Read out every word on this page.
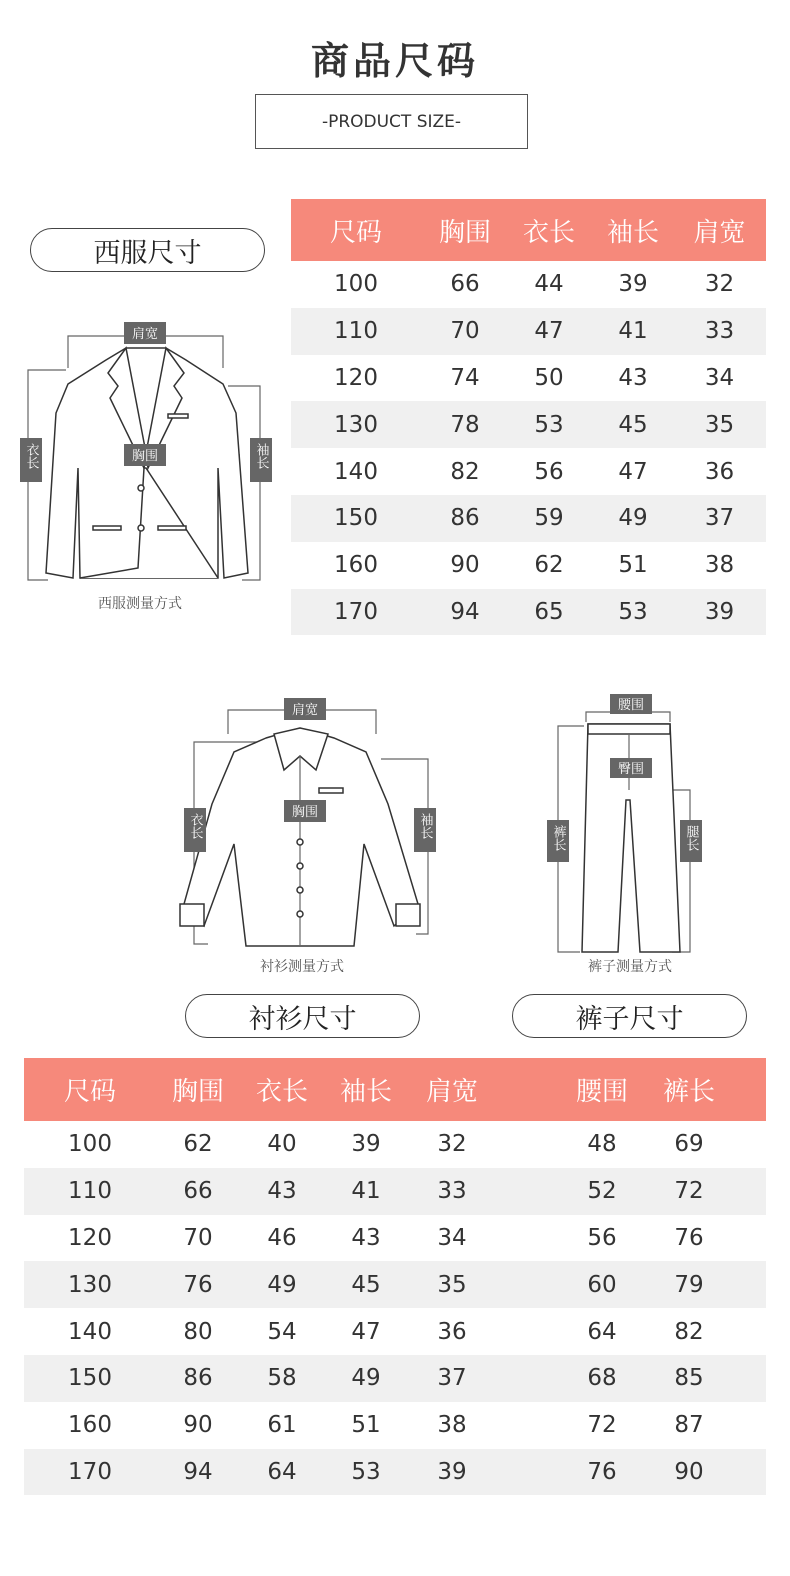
商品尺码
-PRODUCT SIZE-
西服尺寸
肩宽
胸围
衣长	袖长
西服测量方式
尺码	胸围	衣长	袖长	肩宽
100	66	44	39	32
110	70	47	41	33
120	74	50	43	34
130	78	53	45	35
140	82	56	47	36
150	86	59	49	37
160	90	62	51	38
170	94	65	53	39
肩宽
胸围
衣长	袖长
衬衫测量方式
腰围
臀围
裤长	腿长
裤子测量方式
衬衫尺寸	裤子尺寸
尺码	胸围	衣长	袖长	肩宽	腰围	裤长
100	62	40	39	32	48	69
110	66	43	41	33	52	72
120	70	46	43	34	56	76
130	76	49	45	35	60	79
140	80	54	47	36	64	82
150	86	58	49	37	68	85
160	90	61	51	38	72	87
170	94	64	53	39	76	90
